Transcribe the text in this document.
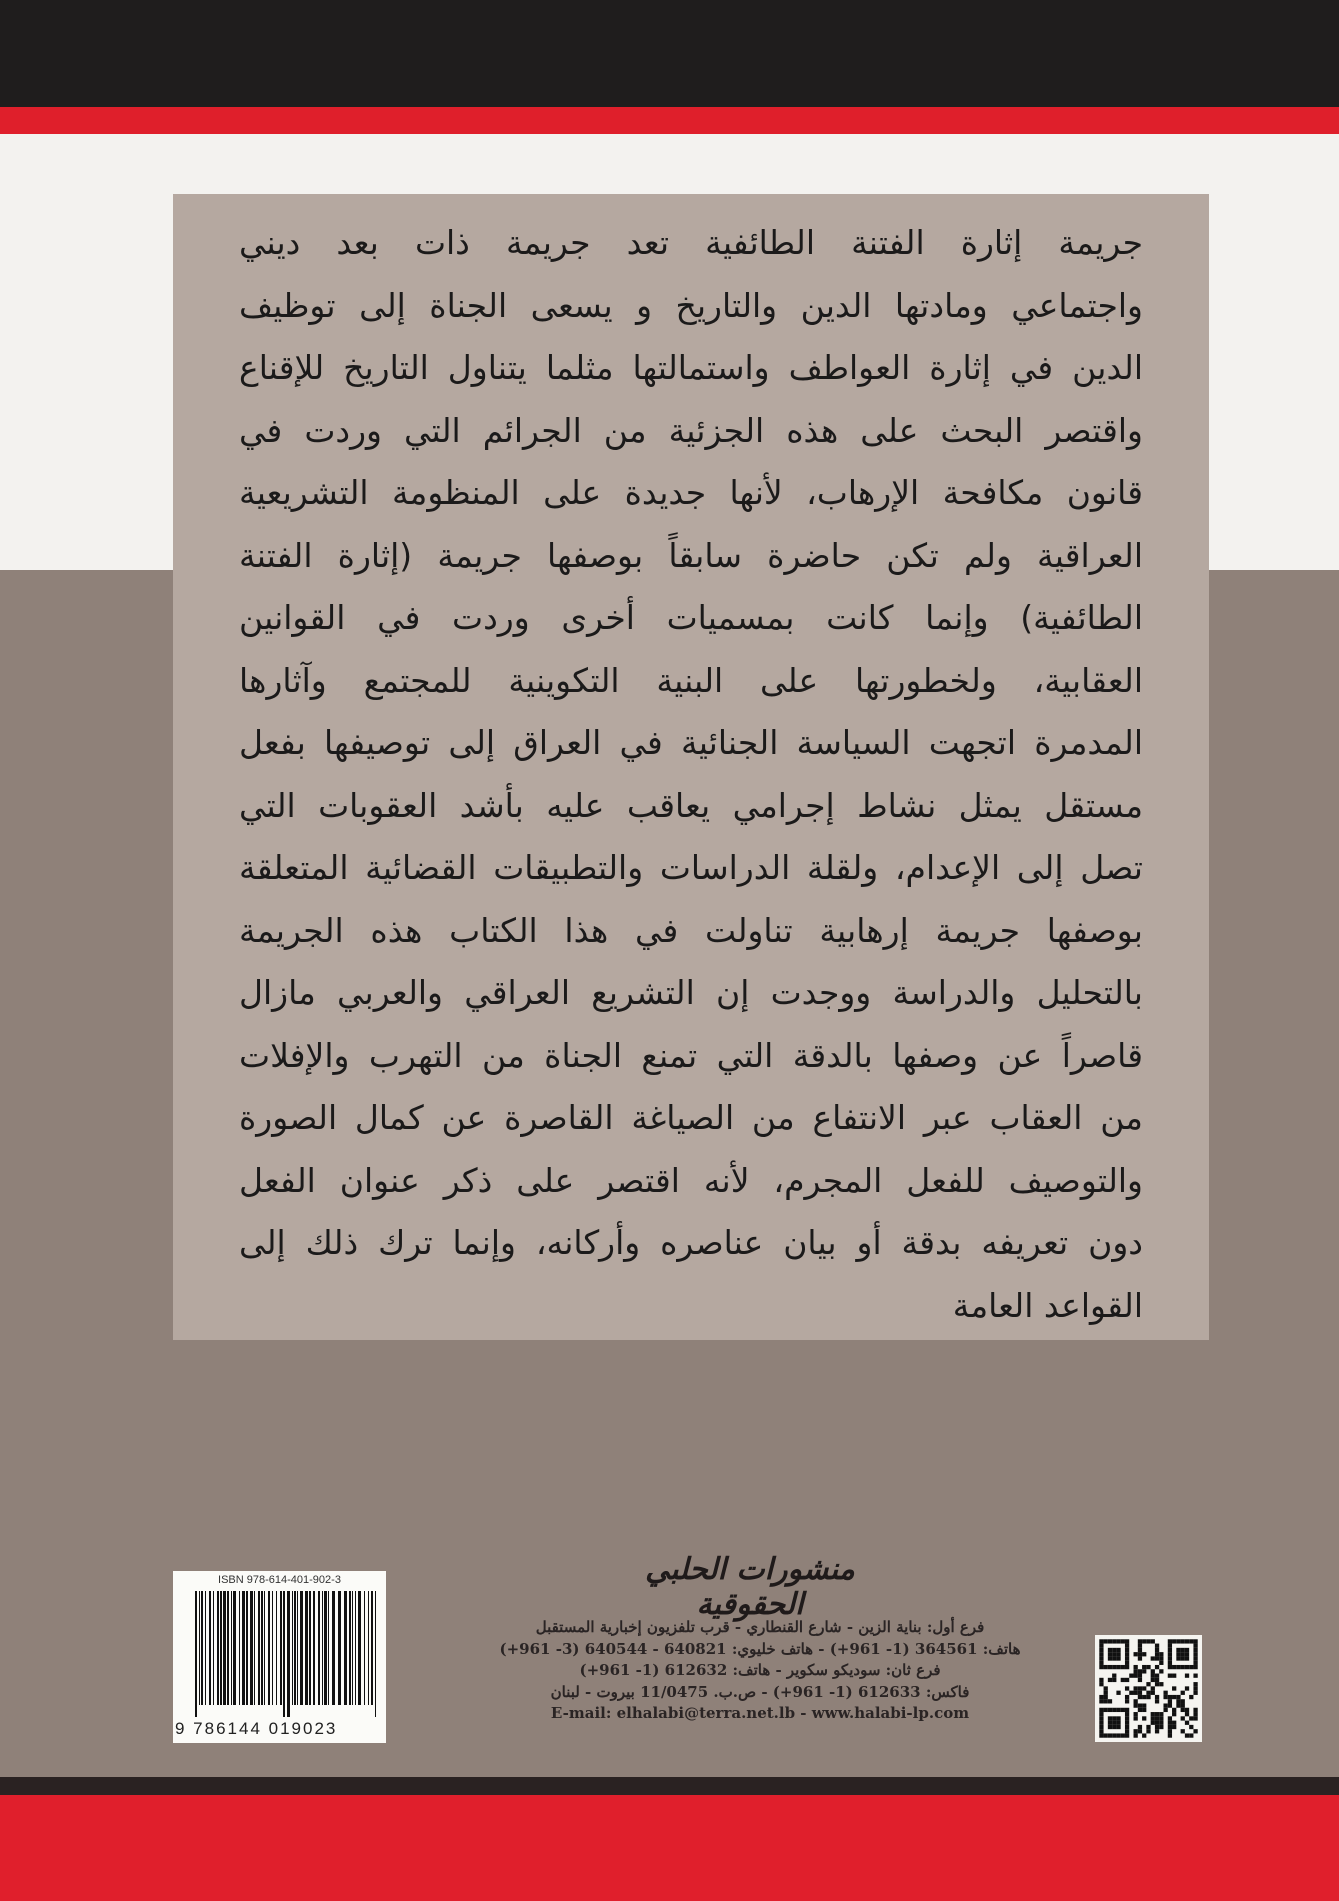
جريمة إثارة الفتنة الطائفية تعد جريمة ذات بعد ديني
واجتماعي ومادتها الدين والتاريخ و يسعى الجناة إلى توظيف
الدين في إثارة العواطف واستمالتها مثلما يتناول التاريخ للإقناع
واقتصر البحث على هذه الجزئية من الجرائم التي وردت في
قانون مكافحة الإرهاب، لأنها جديدة على المنظومة التشريعية
العراقية ولم تكن حاضرة سابقاً بوصفها جريمة (إثارة الفتنة
الطائفية) وإنما كانت بمسميات أخرى وردت في القوانين
العقابية، ولخطورتها على البنية التكوينية للمجتمع وآثارها
المدمرة اتجهت السياسة الجنائية في العراق إلى توصيفها بفعل
مستقل يمثل نشاط إجرامي يعاقب عليه بأشد العقوبات التي
تصل إلى الإعدام، ولقلة الدراسات والتطبيقات القضائية المتعلقة
بوصفها جريمة إرهابية تناولت في هذا الكتاب هذه الجريمة
بالتحليل والدراسة ووجدت إن التشريع العراقي والعربي مازال
قاصراً عن وصفها بالدقة التي تمنع الجناة من التهرب والإفلات
من العقاب عبر الانتفاع من الصياغة القاصرة عن كمال الصورة
والتوصيف للفعل المجرم، لأنه اقتصر على ذكر عنوان الفعل
دون تعريفه بدقة أو بيان عناصره وأركانه، وإنما ترك ذلك إلى
القواعد العامة
ISBN 978-614-401-902-3
9 786144 019023
منشورات الحلبي الحقوقية
فرع أول: بناية الزين - شارع القنطاري - قرب تلفزيون إخبارية المستقبل
هاتف: 364561 (1- 961+) - هاتف خليوي: 640821 - 640544 (3- 961+)
فرع ثان: سوديكو سكوير - هاتف: 612632 (1- 961+)
فاكس: 612633 (1- 961+) - ص.ب. 11/0475 بيروت - لبنان
E-mail: elhalabi@terra.net.lb - www.halabi-lp.com
